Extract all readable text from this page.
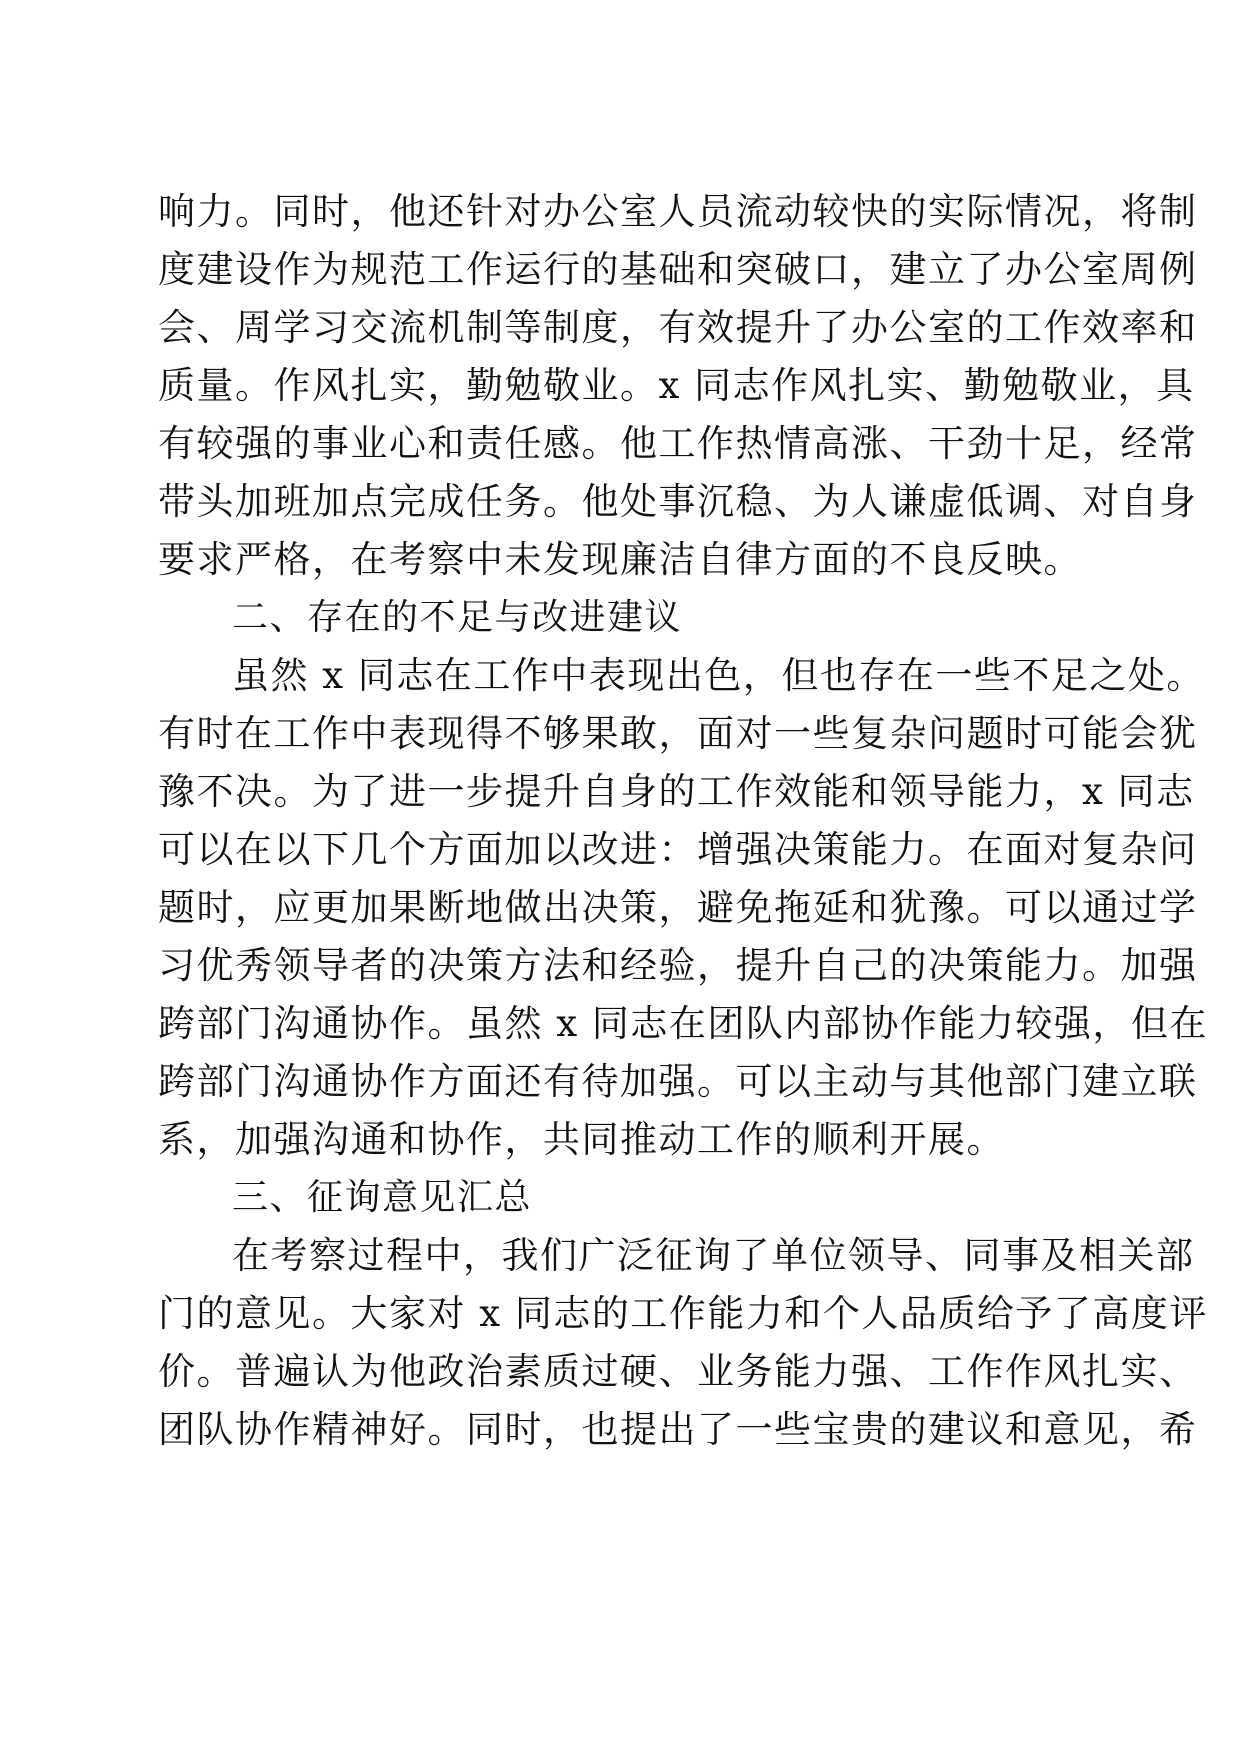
响力。同时，他还针对办公室人员流动较快的实际情况，将制
度建设作为规范工作运行的基础和突破口，建立了办公室周例
会、周学习交流机制等制度，有效提升了办公室的工作效率和
质量。作风扎实，勤勉敬业。x 同志作风扎实、勤勉敬业，具
有较强的事业心和责任感。他工作热情高涨、干劲十足，经常
带头加班加点完成任务。他处事沉稳、为人谦虚低调、对自身
要求严格，在考察中未发现廉洁自律方面的不良反映。
二、存在的不足与改进建议
虽然 x 同志在工作中表现出色，但也存在一些不足之处。
有时在工作中表现得不够果敢，面对一些复杂问题时可能会犹
豫不决。为了进一步提升自身的工作效能和领导能力，x 同志
可以在以下几个方面加以改进：增强决策能力。在面对复杂问
题时，应更加果断地做出决策，避免拖延和犹豫。可以通过学
习优秀领导者的决策方法和经验，提升自己的决策能力。加强
跨部门沟通协作。虽然 x 同志在团队内部协作能力较强，但在
跨部门沟通协作方面还有待加强。可以主动与其他部门建立联
系，加强沟通和协作，共同推动工作的顺利开展。
三、征询意见汇总
在考察过程中，我们广泛征询了单位领导、同事及相关部
门的意见。大家对 x 同志的工作能力和个人品质给予了高度评
价。普遍认为他政治素质过硬、业务能力强、工作作风扎实、
团队协作精神好。同时，也提出了一些宝贵的建议和意见，希
